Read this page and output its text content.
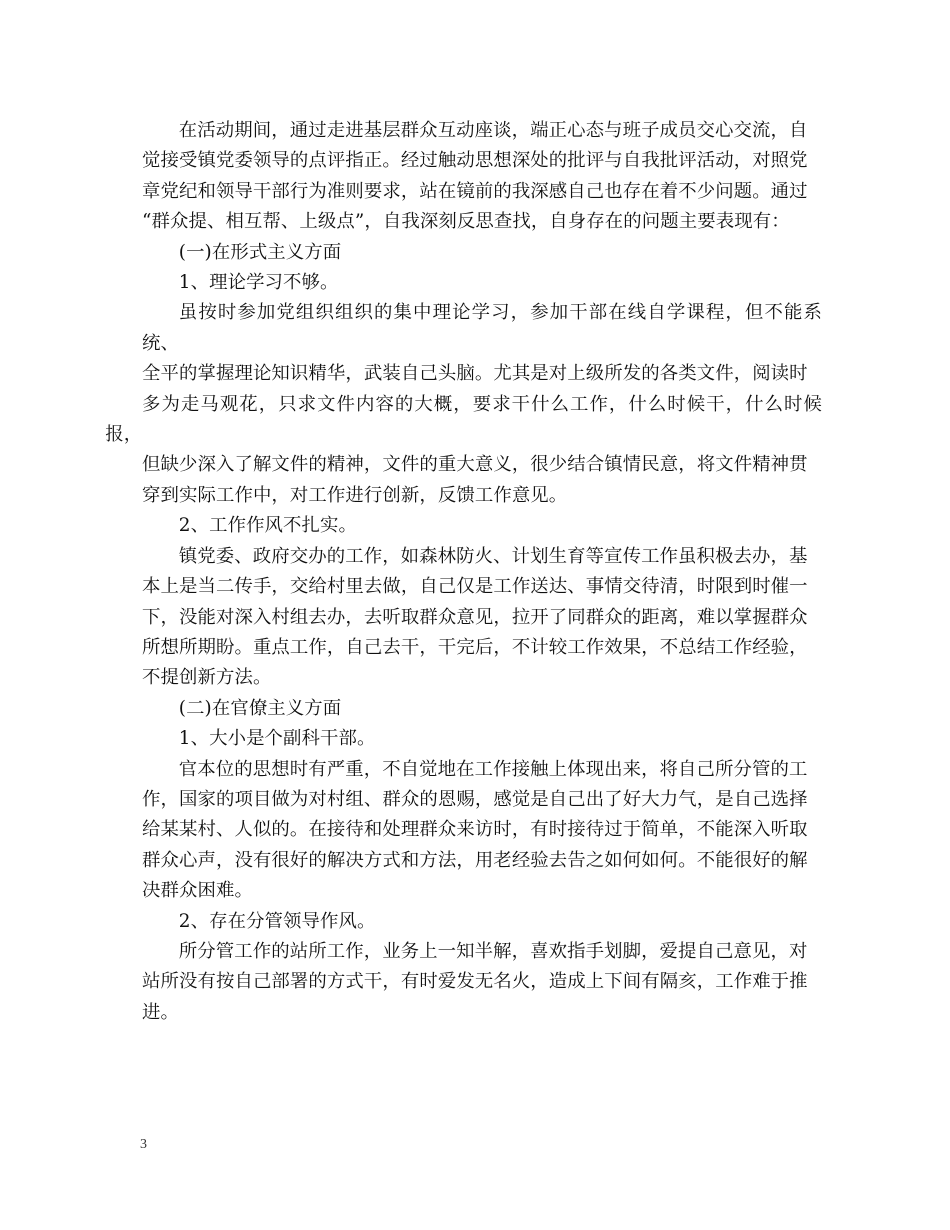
在活动期间，通过走进基层群众互动座谈，端正心态与班子成员交心交流，自
觉接受镇党委领导的点评指正。经过触动思想深处的批评与自我批评活动，对照党
章党纪和领导干部行为准则要求，站在镜前的我深感自己也存在着不少问题。通过
“群众提、相互帮、上级点”，自我深刻反思查找，自身存在的问题主要表现有：
(一)在形式主义方面
1、理论学习不够。
虽按时参加党组织组织的集中理论学习，参加干部在线自学课程，但不能系统、
全平的掌握理论知识精华，武装自己头脑。尤其是对上级所发的各类文件，阅读时
多为走马观花，只求文件内容的大概，要求干什么工作，什么时候干，什么时候报，
但缺少深入了解文件的精神，文件的重大意义，很少结合镇情民意，将文件精神贯
穿到实际工作中，对工作进行创新，反馈工作意见。
2、工作作风不扎实。
镇党委、政府交办的工作，如森林防火、计划生育等宣传工作虽积极去办，基
本上是当二传手，交给村里去做，自己仅是工作送达、事情交待清，时限到时催一
下，没能对深入村组去办，去听取群众意见，拉开了同群众的距离，难以掌握群众
所想所期盼。重点工作，自己去干，干完后，不计较工作效果，不总结工作经验，
不提创新方法。
(二)在官僚主义方面
1、大小是个副科干部。
官本位的思想时有严重，不自觉地在工作接触上体现出来，将自己所分管的工
作，国家的项目做为对村组、群众的恩赐，感觉是自己出了好大力气，是自己选择
给某某村、人似的。在接待和处理群众来访时，有时接待过于简单，不能深入听取
群众心声，没有很好的解决方式和方法，用老经验去告之如何如何。不能很好的解
决群众困难。
2、存在分管领导作风。
所分管工作的站所工作，业务上一知半解，喜欢指手划脚，爱提自己意见，对
站所没有按自己部署的方式干，有时爱发无名火，造成上下间有隔亥，工作难于推
进。
3
